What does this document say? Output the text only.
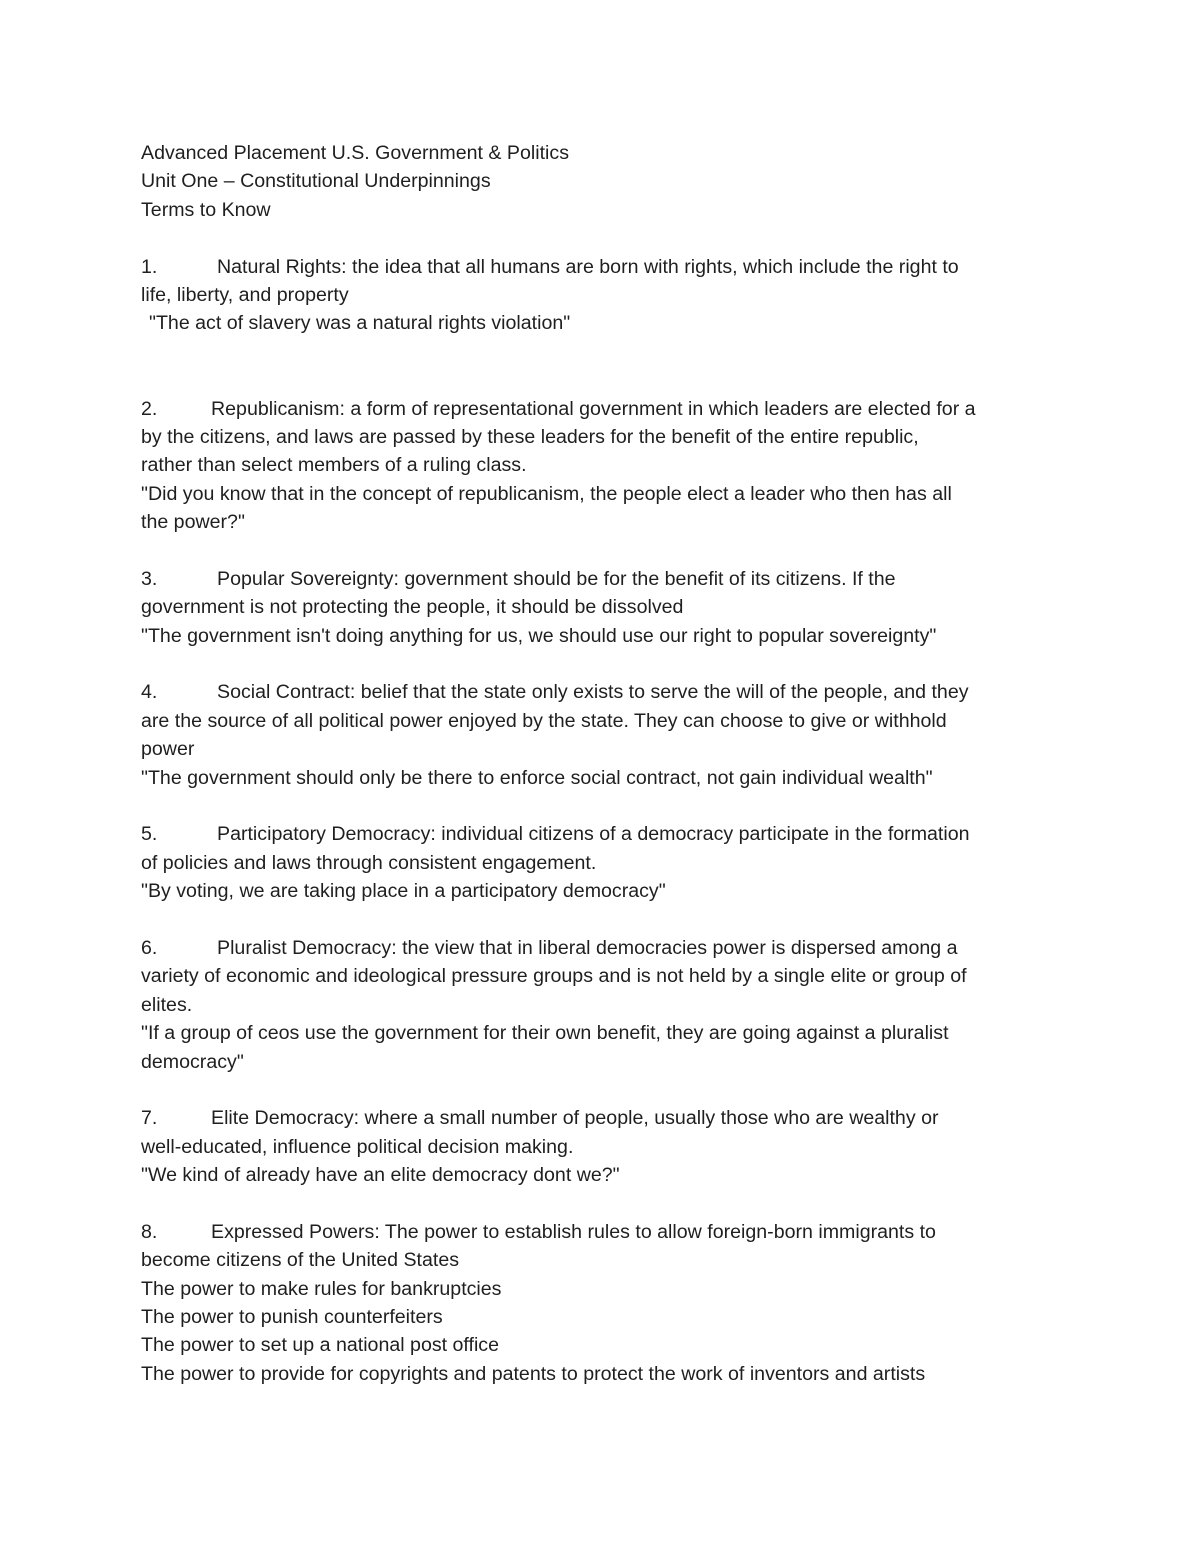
Advanced Placement U.S. Government & Politics
Unit One – Constitutional Underpinnings
Terms to Know
1.	Natural Rights: the idea that all humans are born with rights, which include the right to
life, liberty, and property
"The act of slavery was a natural rights violation"
2.	Republicanism: a form of representational government in which leaders are elected for a
by the citizens, and laws are passed by these leaders for the benefit of the entire republic,
rather than select members of a ruling class.
"Did you know that in the concept of republicanism, the people elect a leader who then has all
the power?"
3.	Popular Sovereignty: government should be for the benefit of its citizens. If the
government is not protecting the people, it should be dissolved
"The government isn't doing anything for us, we should use our right to popular sovereignty"
4.	Social Contract: belief that the state only exists to serve the will of the people, and they
are the source of all political power enjoyed by the state. They can choose to give or withhold
power
"The government should only be there to enforce social contract, not gain individual wealth"
5.	Participatory Democracy: individual citizens of a democracy participate in the formation
of policies and laws through consistent engagement.
"By voting, we are taking place in a participatory democracy"
6.	Pluralist Democracy: the view that in liberal democracies power is dispersed among a
variety of economic and ideological pressure groups and is not held by a single elite or group of
elites.
"If a group of ceos use the government for their own benefit, they are going against a pluralist
democracy"
7.	Elite Democracy: where a small number of people, usually those who are wealthy or
well-educated, influence political decision making.
"We kind of already have an elite democracy dont we?"
8.	Expressed Powers: The power to establish rules to allow foreign-born immigrants to
become citizens of the United States
The power to make rules for bankruptcies
The power to punish counterfeiters
The power to set up a national post office
The power to provide for copyrights and patents to protect the work of inventors and artists
